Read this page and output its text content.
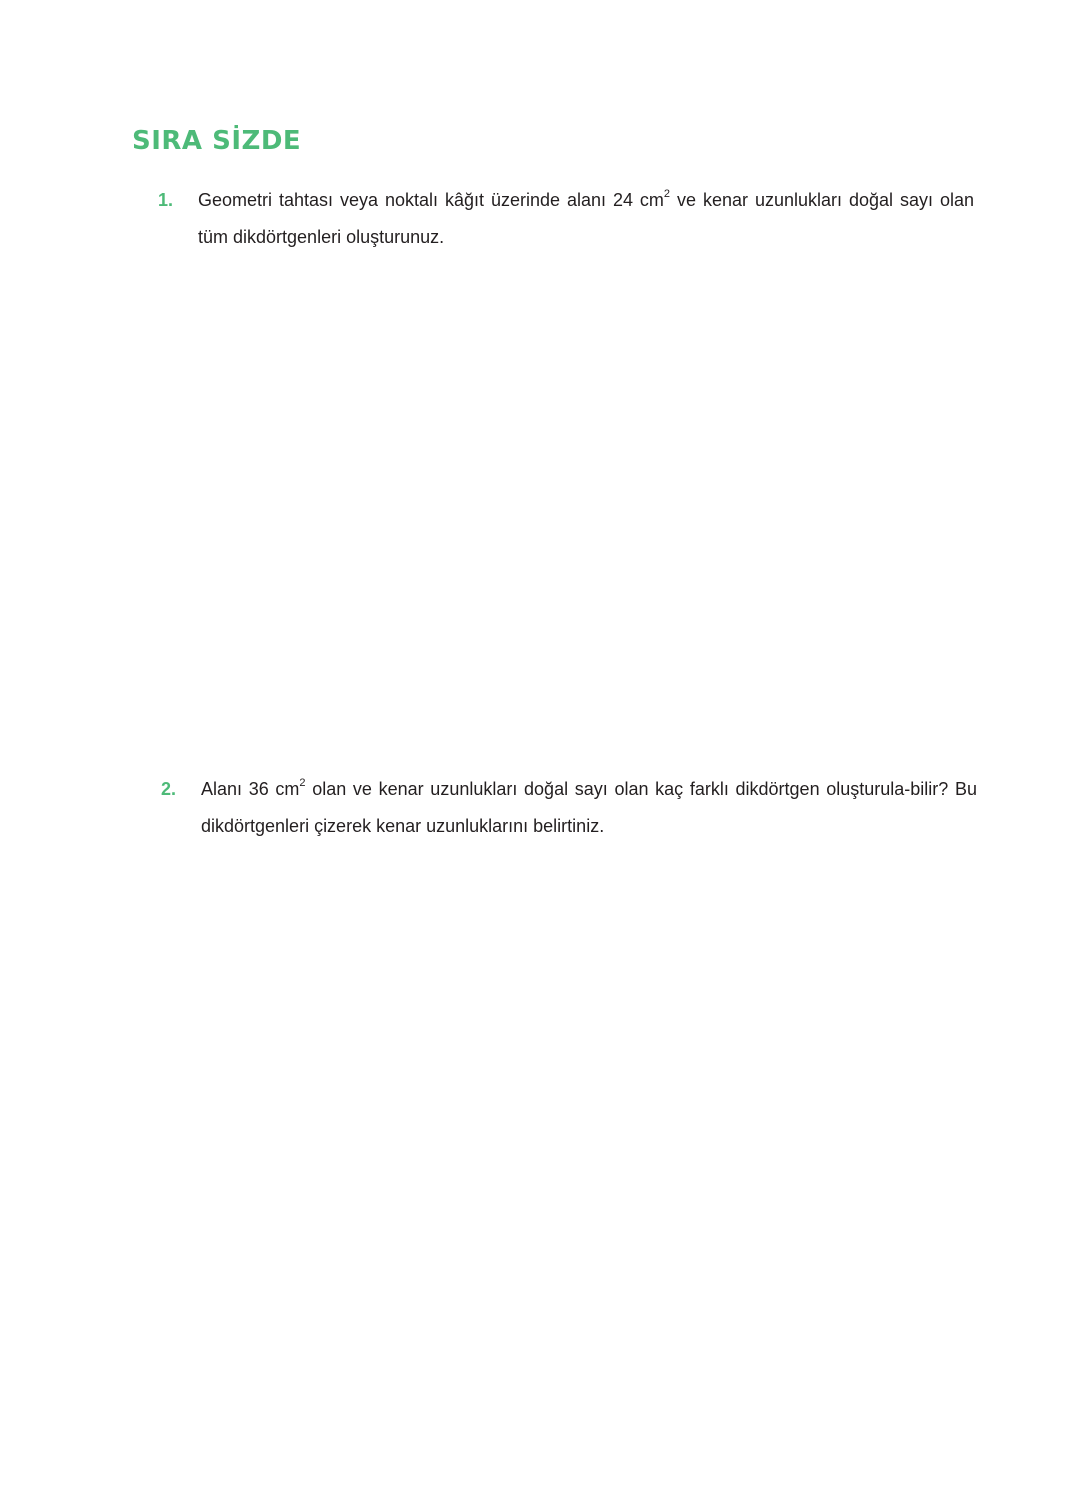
SIRA SİZDE
1. Geometri tahtası veya noktalı kâğıt üzerinde alanı 24 $cm^2$ ve kenar uzunlukları doğal sayı olan tüm dikdörtgenleri oluşturunuz.
2. Alanı 36 $cm^2$ olan ve kenar uzunlukları doğal sayı olan kaç farklı dikdörtgen oluşturula-bilir? Bu dikdörtgenleri çizerek kenar uzunluklarını belirtiniz.
